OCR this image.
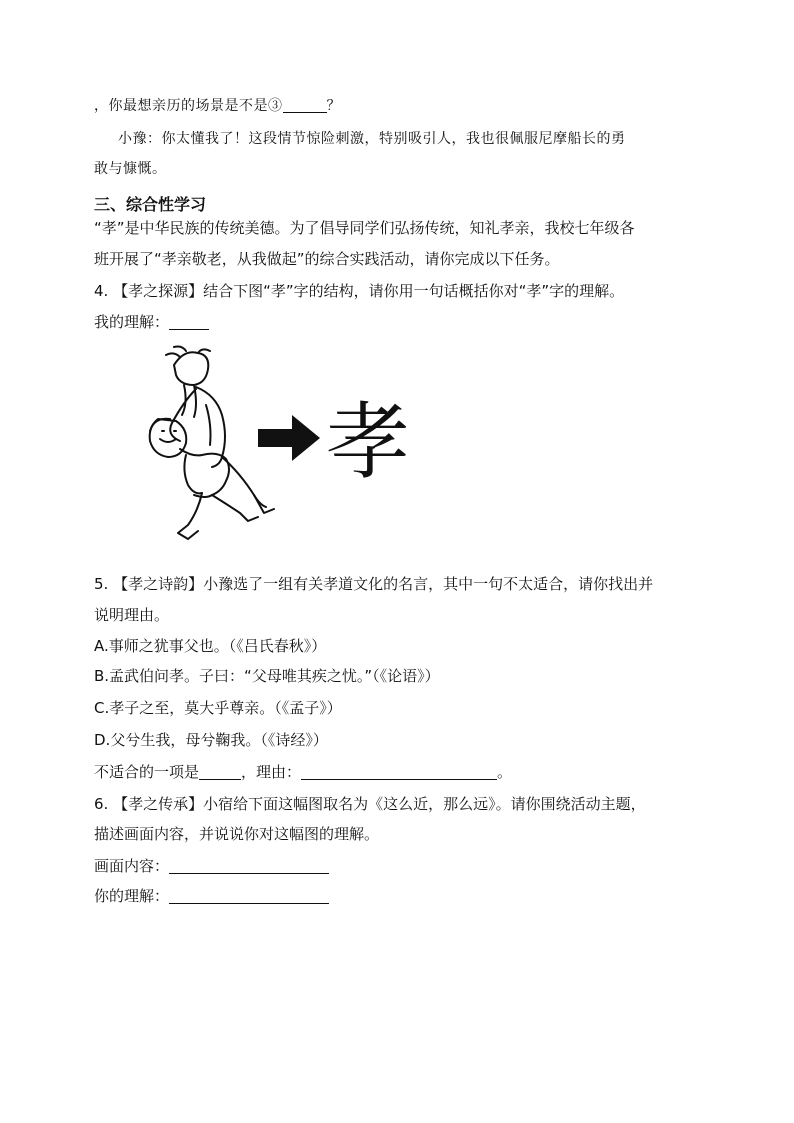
，你最想亲历的场景是不是③	？
小豫：你太懂我了！这段情节惊险刺激，特别吸引人，我也很佩服尼摩船长的勇
敢与慷慨。
三、综合性学习
“孝”是中华民族的传统美德。为了倡导同学们弘扬传统，知礼孝亲，我校七年级各
班开展了“孝亲敬老，从我做起”的综合实践活动，请你完成以下任务。
4. 【孝之探源】结合下图“孝”字的结构，请你用一句话概括你对“孝”字的理解。
我的理解：
孝
5. 【孝之诗韵】小豫选了一组有关孝道文化的名言，其中一句不太适合，请你找出并
说明理由。
A.事师之犹事父也。（《吕氏春秋》）
B.孟武伯问孝。子曰：“父母唯其疾之忧。”（《论语》）
C.孝子之至，莫大乎尊亲。（《孟子》）
D.父兮生我，母兮鞠我。（《诗经》）
不适合的一项是	，理由：	。
6. 【孝之传承】小宿给下面这幅图取名为《这么近，那么远》。请你围绕活动主题，
描述画面内容，并说说你对这幅图的理解。
画面内容：
你的理解：
